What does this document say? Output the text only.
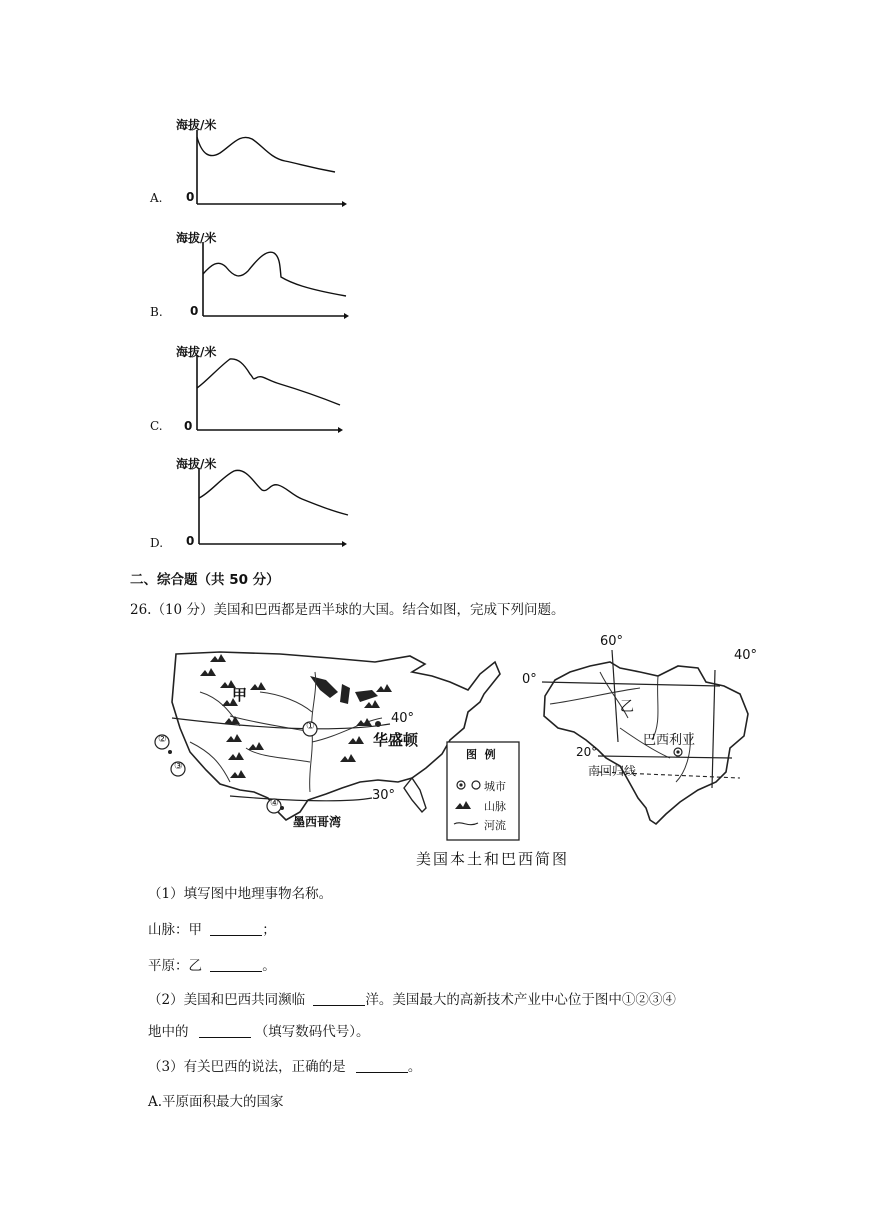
海拔/米
0
A.
海拔/米
0
B.
海拔/米
0
C.
海拔/米
0
D.
二、综合题（共 50 分）
26.（10 分）美国和巴西都是西半球的大国。结合如图，完成下列问题。
甲
①
②
③
④
40°
华盛顿
30°
墨西哥湾
图  例
城市
山脉
河流
60°
40°
0°
乙
巴西利亚
20°
南回归线
美国本土和巴西简图
（1）填写图中地理事物名称。
山脉：甲	；
平原：乙	。
（2）美国和巴西共同濒临	洋。美国最大的高新技术产业中心位于图中①②③④
地中的	（填写数码代号）。
（3）有关巴西的说法，正确的是	。
A.平原面积最大的国家
